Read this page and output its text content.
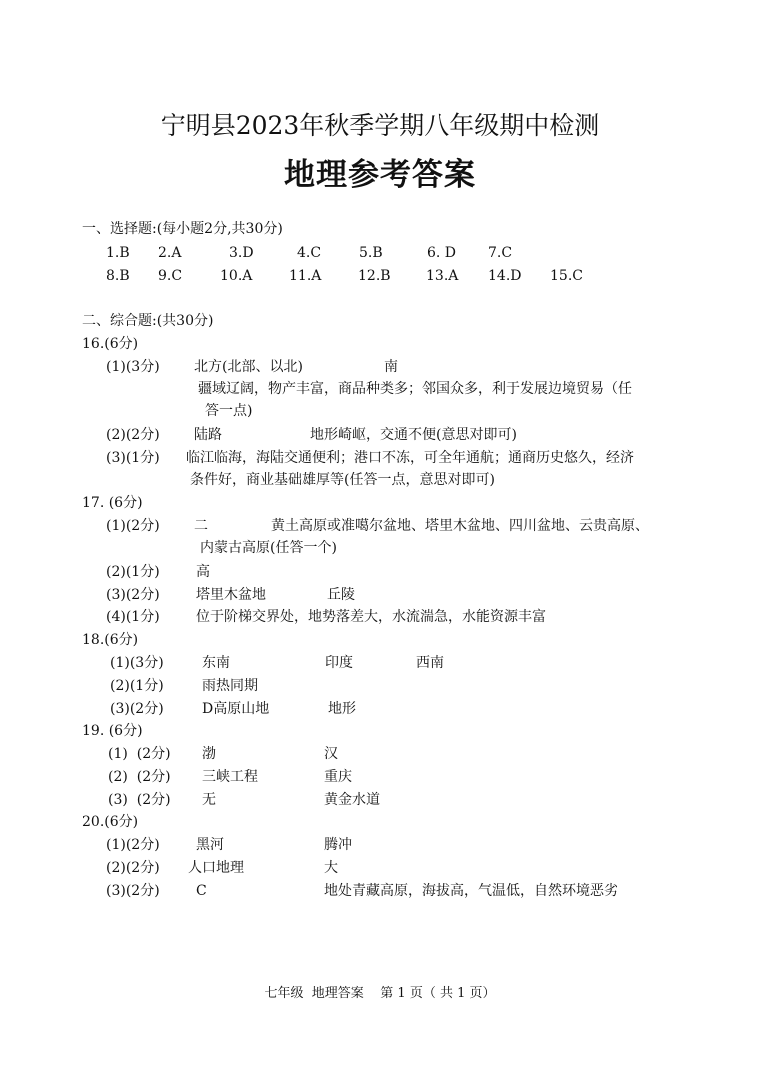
宁明县2023年秋季学期八年级期中检测
地理参考答案
一、选择题:(每小题2分,共30分)
1.B 2.A	3.D	4.C	5.B	6. D 7.C
8.B 9.C	10.A	11.A	12.B	13.A 14.D 15.C
二、综合题:(共30分)
16.(6分)
(1)(3分) 北方(北部、以北)	南
疆域辽阔，物产丰富，商品种类多；邻国众多，利于发展边境贸易（任
答一点)
(2)(2分) 陆路	地形崎岖，交通不便(意思对即可)
(3)(1分) 临江临海，海陆交通便利；港口不冻，可全年通航；通商历史悠久，经济
条件好，商业基础雄厚等(任答一点，意思对即可)
17. (6分)
(1)(2分) 二	黄土高原或准噶尔盆地、塔里木盆地、四川盆地、云贵高原、
内蒙古高原(任答一个)
(2)(1分)	高
(3)(2分)	塔里木盆地	丘陵
(4)(1分)	位于阶梯交界处，地势落差大，水流湍急，水能资源丰富
18.(6分)
(1)(3分)	东南	印度	西南
(2)(1分)	雨热同期
(3)(2分)	D高原山地	地形
19. (6分)
(1)  (2分) 渤	汉
(2)  (2分) 三峡工程	重庆
(3)  (2分) 无	黄金水道
20.(6分)
(1)(2分)	黑河	腾冲
(2)(2分) 人口地理	大
(3)(2分)	C	地处青藏高原，海拔高，气温低，自然环境恶劣
七年级  地理答案    第 1 页（ 共 1 页）
